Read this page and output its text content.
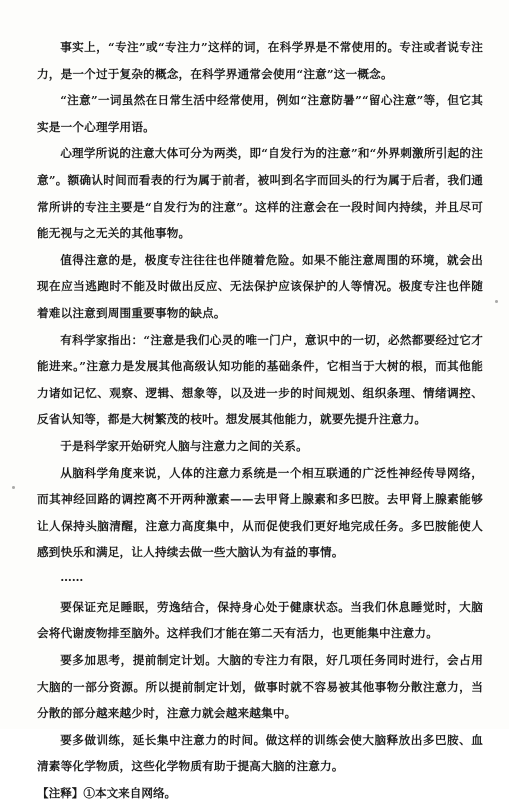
事实上，“专注”或“专注力”这样的词，在科学界是不常使用的。专注或者说专注力，是一个过于复杂的概念，在科学界通常会使用“注意”这一概念。

“注意”一词虽然在日常生活中经常使用，例如“注意防暑”“留心注意”等，但它其实是一个心理学用语。

心理学所说的注意大体可分为两类，即“自发行为的注意”和“外界刺激所引起的注意”。额确认时间而看表的行为属于前者，被叫到名字而回头的行为属于后者，我们通常所讲的专注主要是“自发行为的注意”。这样的注意会在一段时间内持续，并且尽可能无视与之无关的其他事物。

值得注意的是，极度专注往往也伴随着危险。如果不能注意周围的环境，就会出现在应当逃跑时不能及时做出反应、无法保护应该保护的人等情况。极度专注也伴随着难以注意到周围重要事物的缺点。

有科学家指出：“注意是我们心灵的唯一门户，意识中的一切，必然都要经过它才能进来。”注意力是发展其他高级认知功能的基础条件，它相当于大树的根，而其他能力诸如记忆、观察、逻辑、想象等，以及进一步的时间规划、组织条理、情绪调控、反省认知等，都是大树繁茂的枝叶。想发展其他能力，就要先提升注意力。

于是科学家开始研究人脑与注意力之间的关系。

从脑科学角度来说，人体的注意力系统是一个相互联通的广泛性神经传导网络，而其神经回路的调控离不开两种激素——去甲肾上腺素和多巴胺。去甲肾上腺素能够让人保持头脑清醒，注意力高度集中，从而促使我们更好地完成任务。多巴胺能使人感到快乐和满足，让人持续去做一些大脑认为有益的事情。

……

要保证充足睡眠，劳逸结合，保持身心处于健康状态。当我们休息睡觉时，大脑会将代谢废物排至脑外。这样我们才能在第二天有活力，也更能集中注意力。

要多加思考，提前制定计划。大脑的专注力有限，好几项任务同时进行，会占用大脑的一部分资源。所以提前制定计划，做事时就不容易被其他事物分散注意力，当分散的部分越来越少时，注意力就会越来越集中。

要多做训练，延长集中注意力的时间。做这样的训练会使大脑释放出多巴胺、血清素等化学物质，这些化学物质有助于提高大脑的注意力。

【注释】①本文来自网络。
